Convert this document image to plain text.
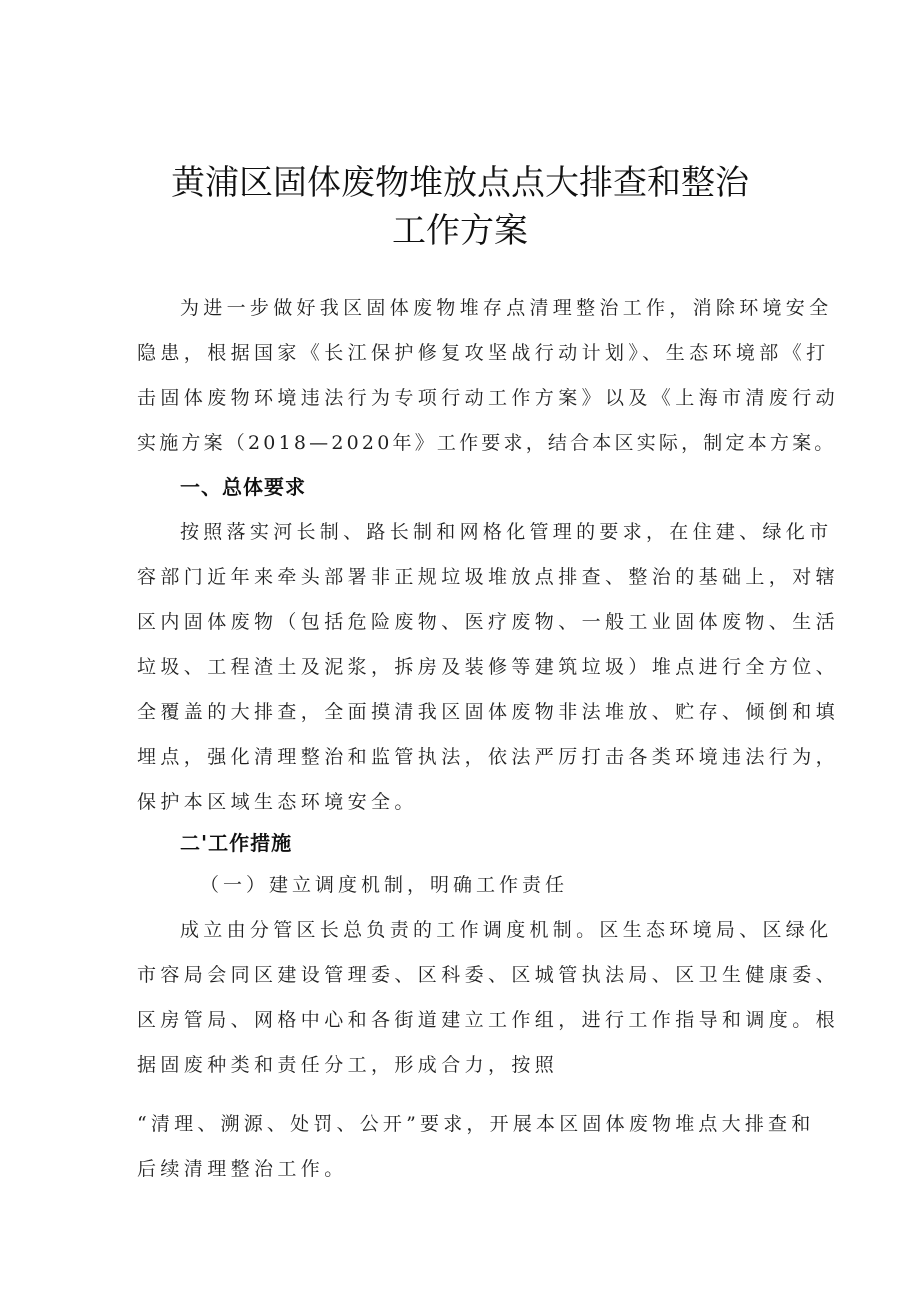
黄浦区固体废物堆放点点大排查和整治
工作方案
为进一步做好我区固体废物堆存点清理整治工作，消除环境安全
隐患，根据国家《长江保护修复攻坚战行动计划》、生态环境部《打
击固体废物环境违法行为专项行动工作方案》以及《上海市清废行动
实施方案（2018—2020年》工作要求，结合本区实际，制定本方案。
一、总体要求
按照落实河长制、路长制和网格化管理的要求，在住建、绿化市
容部门近年来牵头部署非正规垃圾堆放点排查、整治的基础上，对辖
区内固体废物（包括危险废物、医疗废物、一般工业固体废物、生活
垃圾、工程渣土及泥浆，拆房及装修等建筑垃圾）堆点进行全方位、
全覆盖的大排查，全面摸清我区固体废物非法堆放、贮存、倾倒和填
埋点，强化清理整治和监管执法，依法严厉打击各类环境违法行为，
保护本区域生态环境安全。
二'工作措施
（一）建立调度机制，明确工作责任
成立由分管区长总负责的工作调度机制。区生态环境局、区绿化
市容局会同区建设管理委、区科委、区城管执法局、区卫生健康委、
区房管局、网格中心和各街道建立工作组，进行工作指导和调度。根
据固废种类和责任分工，形成合力，按照
“清理、溯源、处罚、公开”要求，开展本区固体废物堆点大排查和
后续清理整治工作。
